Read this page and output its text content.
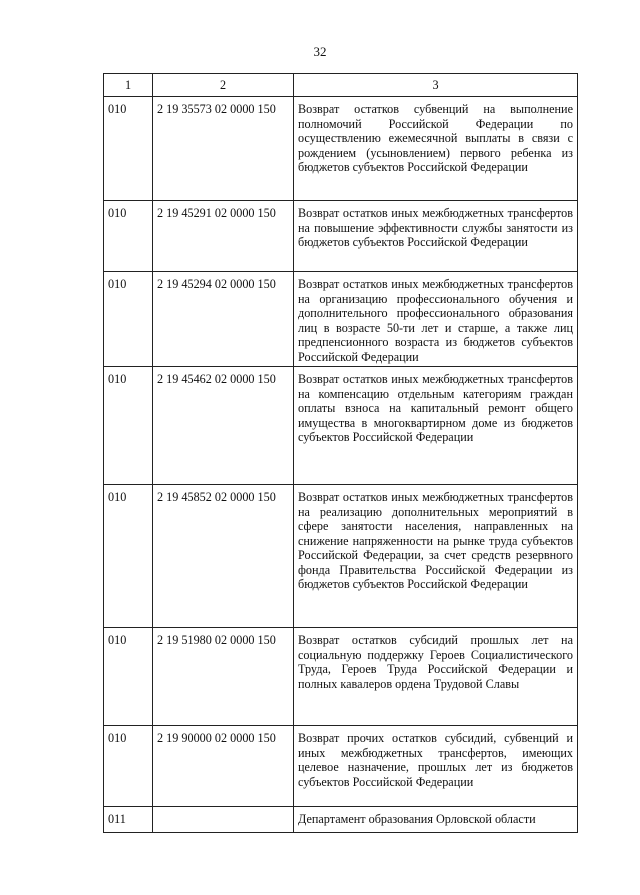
32
1	2	3
010	2 19 35573 02 0000 150	Возврат остатков субвенций на выполнение полномочий Российской Федерации по осуществлению ежемесячной выплаты в связи с рождением (усыновлением) первого ребенка из бюджетов субъектов Российской Федерации
010	2 19 45291 02 0000 150	Возврат остатков иных межбюджетных трансфертов на повышение эффективности службы занятости из бюджетов субъектов Российской Федерации
010	2 19 45294 02 0000 150	Возврат остатков иных межбюджетных трансфертов на организацию профессионального обучения и дополнительного профессионального образования лиц в возрасте 50-ти лет и старше, а также лиц предпенсионного возраста из бюджетов субъектов Российской Федерации
010	2 19 45462 02 0000 150	Возврат остатков иных межбюджетных трансфертов на компенсацию отдельным категориям граждан оплаты взноса на капитальный ремонт общего имущества в многоквартирном доме из бюджетов субъектов Российской Федерации
010	2 19 45852 02 0000 150	Возврат остатков иных межбюджетных трансфертов на реализацию дополнительных мероприятий в сфере занятости населения, направленных на снижение напряженности на рынке труда субъектов Российской Федерации, за счет средств резервного фонда Правительства Российской Федерации из бюджетов субъектов Российской Федерации
010	2 19 51980 02 0000 150	Возврат остатков субсидий прошлых лет на социальную поддержку Героев Социалистического Труда, Героев Труда Российской Федерации и полных кавалеров ордена Трудовой Славы
010	2 19 90000 02 0000 150	Возврат прочих остатков субсидий, субвенций и иных межбюджетных трансфертов, имеющих целевое назначение, прошлых лет из бюджетов субъектов Российской Федерации
011		Департамент образования Орловской области
